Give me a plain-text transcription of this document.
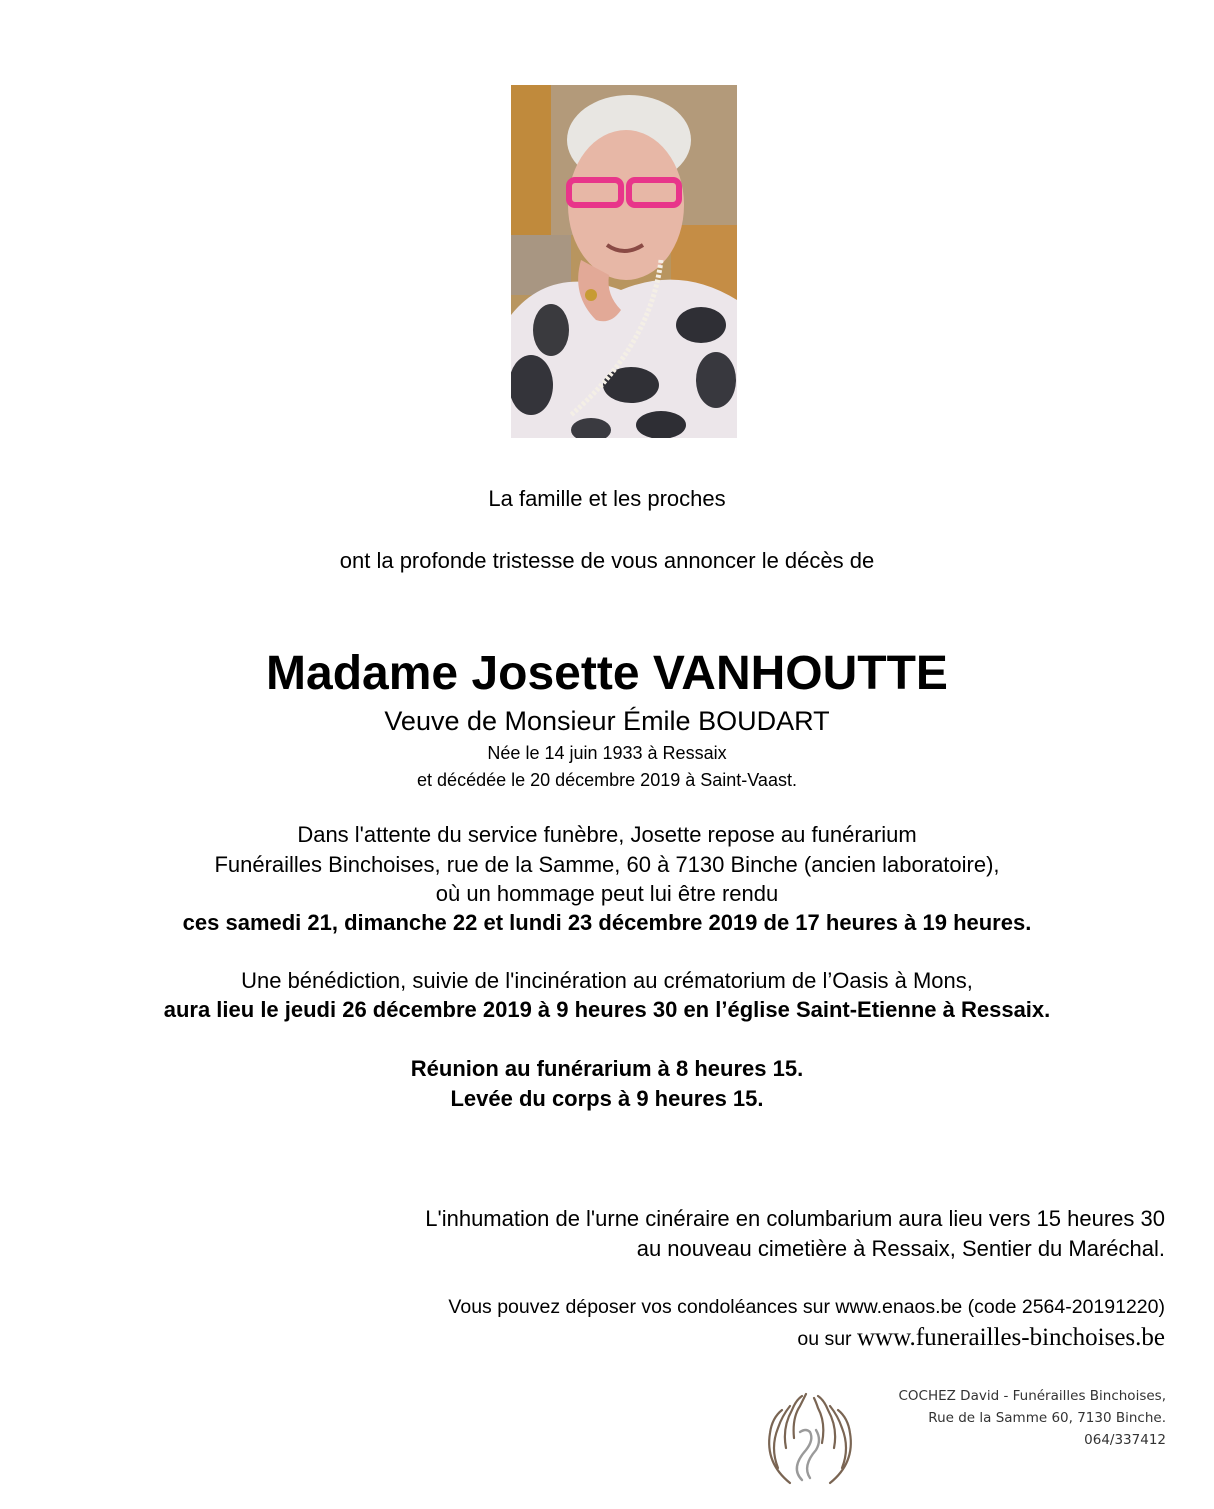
La famille et les proches
ont la profonde tristesse de vous annoncer le décès de
Madame Josette VANHOUTTE
Veuve de Monsieur Émile BOUDART
Née le 14 juin 1933 à Ressaix
et décédée le 20 décembre 2019 à Saint-Vaast.
Dans l'attente du service funèbre, Josette repose au funérarium
Funérailles Binchoises, rue de la Samme, 60 à 7130 Binche (ancien laboratoire),
où un hommage peut lui être rendu
ces samedi 21, dimanche 22 et lundi 23 décembre 2019 de 17 heures à 19 heures.
Une bénédiction, suivie de l'incinération au crématorium de l’Oasis à Mons,
aura lieu le jeudi 26 décembre 2019 à 9 heures 30 en l’église Saint-Etienne à Ressaix.
Réunion au funérarium à 8 heures 15.
Levée du corps à 9 heures 15.
L'inhumation de l'urne cinéraire en columbarium aura lieu vers 15 heures 30
au nouveau cimetière à Ressaix, Sentier du Maréchal.
Vous pouvez déposer vos condoléances sur www.enaos.be (code 2564-20191220)
ou sur www.funerailles-binchoises.be
COCHEZ David - Funérailles Binchoises,
Rue de la Samme 60, 7130 Binche.
064/337412
